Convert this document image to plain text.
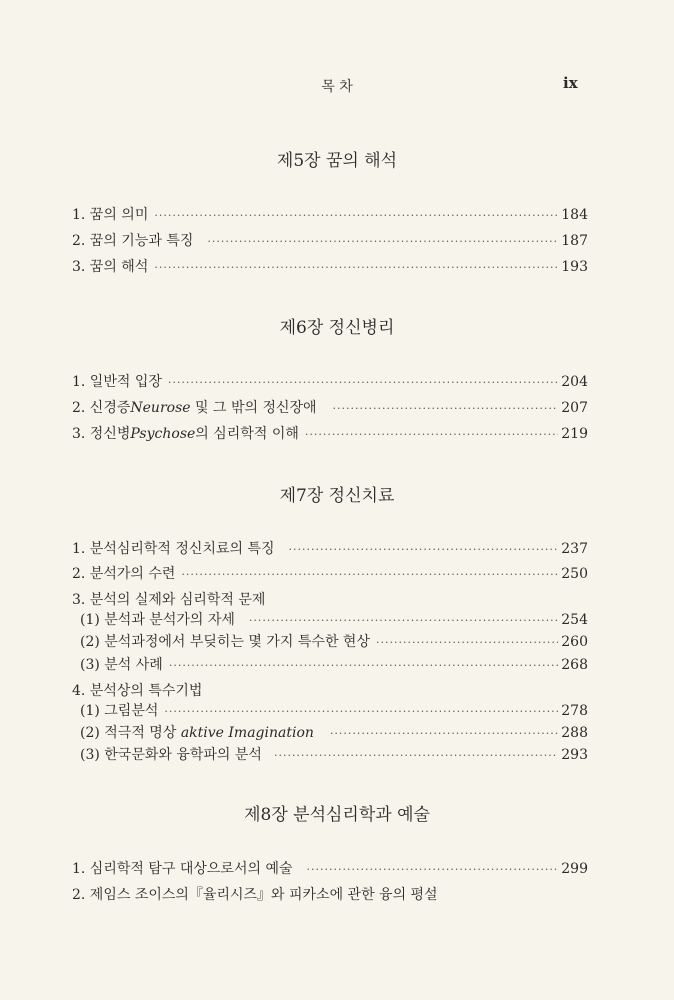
목 차	ix
제5장 꿈의 해석
1. 꿈의 의미 ·····	184
2. 꿈의 기능과 특징 ·····	187
3. 꿈의 해석 ·····	193
제6장 정신병리
1. 일반적 입장 ·····	204
2. 신경증Neurose 및 그 밖의 정신장애 ·····	207
3. 정신병Psychose의 심리학적 이해 ·····	219
제7장 정신치료
1. 분석심리학적 정신치료의 특징 ·····	237
2. 분석가의 수련 ·····	250
3. 분석의 실제와 심리학적 문제
(1) 분석과 분석가의 자세 ·····	254
(2) 분석과정에서 부딪히는 몇 가지 특수한 현상 ·····	260
(3) 분석 사례 ·····	268
4. 분석상의 특수기법
(1) 그림분석 ·····	278
(2) 적극적 명상 aktive Imagination ·····	288
(3) 한국문화와 융학파의 분석 ·····	293
제8장 분석심리학과 예술
1. 심리학적 탐구 대상으로서의 예술 ·····	299
2. 제임스 조이스의『율리시즈』와 피카소에 관한 융의 평설
